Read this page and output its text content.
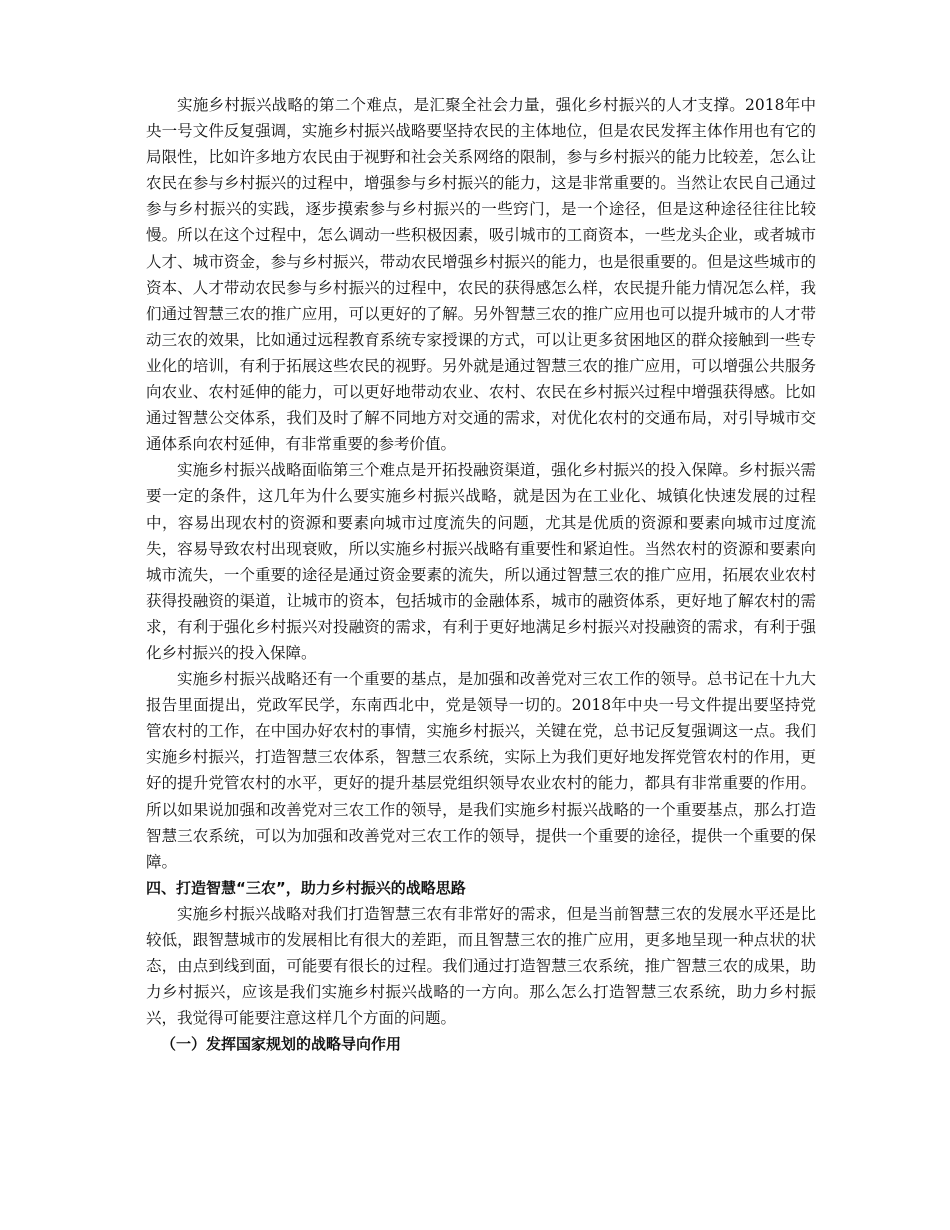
实施乡村振兴战略的第二个难点，是汇聚全社会力量，强化乡村振兴的人才支撑。2018年中央一号文件反复强调，实施乡村振兴战略要坚持农民的主体地位，但是农民发挥主体作用也有它的局限性，比如许多地方农民由于视野和社会关系网络的限制，参与乡村振兴的能力比较差，怎么让农民在参与乡村振兴的过程中，增强参与乡村振兴的能力，这是非常重要的。当然让农民自己通过参与乡村振兴的实践，逐步摸索参与乡村振兴的一些窍门，是一个途径，但是这种途径往往比较慢。所以在这个过程中，怎么调动一些积极因素，吸引城市的工商资本，一些龙头企业，或者城市人才、城市资金，参与乡村振兴，带动农民增强乡村振兴的能力，也是很重要的。但是这些城市的资本、人才带动农民参与乡村振兴的过程中，农民的获得感怎么样，农民提升能力情况怎么样，我们通过智慧三农的推广应用，可以更好的了解。另外智慧三农的推广应用也可以提升城市的人才带动三农的效果，比如通过远程教育系统专家授课的方式，可以让更多贫困地区的群众接触到一些专业化的培训，有利于拓展这些农民的视野。另外就是通过智慧三农的推广应用，可以增强公共服务向农业、农村延伸的能力，可以更好地带动农业、农村、农民在乡村振兴过程中增强获得感。比如通过智慧公交体系，我们及时了解不同地方对交通的需求，对优化农村的交通布局，对引导城市交通体系向农村延伸，有非常重要的参考价值。

实施乡村振兴战略面临第三个难点是开拓投融资渠道，强化乡村振兴的投入保障。乡村振兴需要一定的条件，这几年为什么要实施乡村振兴战略，就是因为在工业化、城镇化快速发展的过程中，容易出现农村的资源和要素向城市过度流失的问题，尤其是优质的资源和要素向城市过度流失，容易导致农村出现衰败，所以实施乡村振兴战略有重要性和紧迫性。当然农村的资源和要素向城市流失，一个重要的途径是通过资金要素的流失，所以通过智慧三农的推广应用，拓展农业农村获得投融资的渠道，让城市的资本，包括城市的金融体系，城市的融资体系，更好地了解农村的需求，有利于强化乡村振兴对投融资的需求，有利于更好地满足乡村振兴对投融资的需求，有利于强化乡村振兴的投入保障。

实施乡村振兴战略还有一个重要的基点，是加强和改善党对三农工作的领导。总书记在十九大报告里面提出，党政军民学，东南西北中，党是领导一切的。2018年中央一号文件提出要坚持党管农村的工作，在中国办好农村的事情，实施乡村振兴，关键在党，总书记反复强调这一点。我们实施乡村振兴，打造智慧三农体系，智慧三农系统，实际上为我们更好地发挥党管农村的作用，更好的提升党管农村的水平，更好的提升基层党组织领导农业农村的能力，都具有非常重要的作用。所以如果说加强和改善党对三农工作的领导，是我们实施乡村振兴战略的一个重要基点，那么打造智慧三农系统，可以为加强和改善党对三农工作的领导，提供一个重要的途径，提供一个重要的保障。

四、打造智慧“三农”，助力乡村振兴的战略思路

实施乡村振兴战略对我们打造智慧三农有非常好的需求，但是当前智慧三农的发展水平还是比较低，跟智慧城市的发展相比有很大的差距，而且智慧三农的推广应用，更多地呈现一种点状的状态，由点到线到面，可能要有很长的过程。我们通过打造智慧三农系统，推广智慧三农的成果，助力乡村振兴，应该是我们实施乡村振兴战略的一方向。那么怎么打造智慧三农系统，助力乡村振兴，我觉得可能要注意这样几个方面的问题。

（一）发挥国家规划的战略导向作用
